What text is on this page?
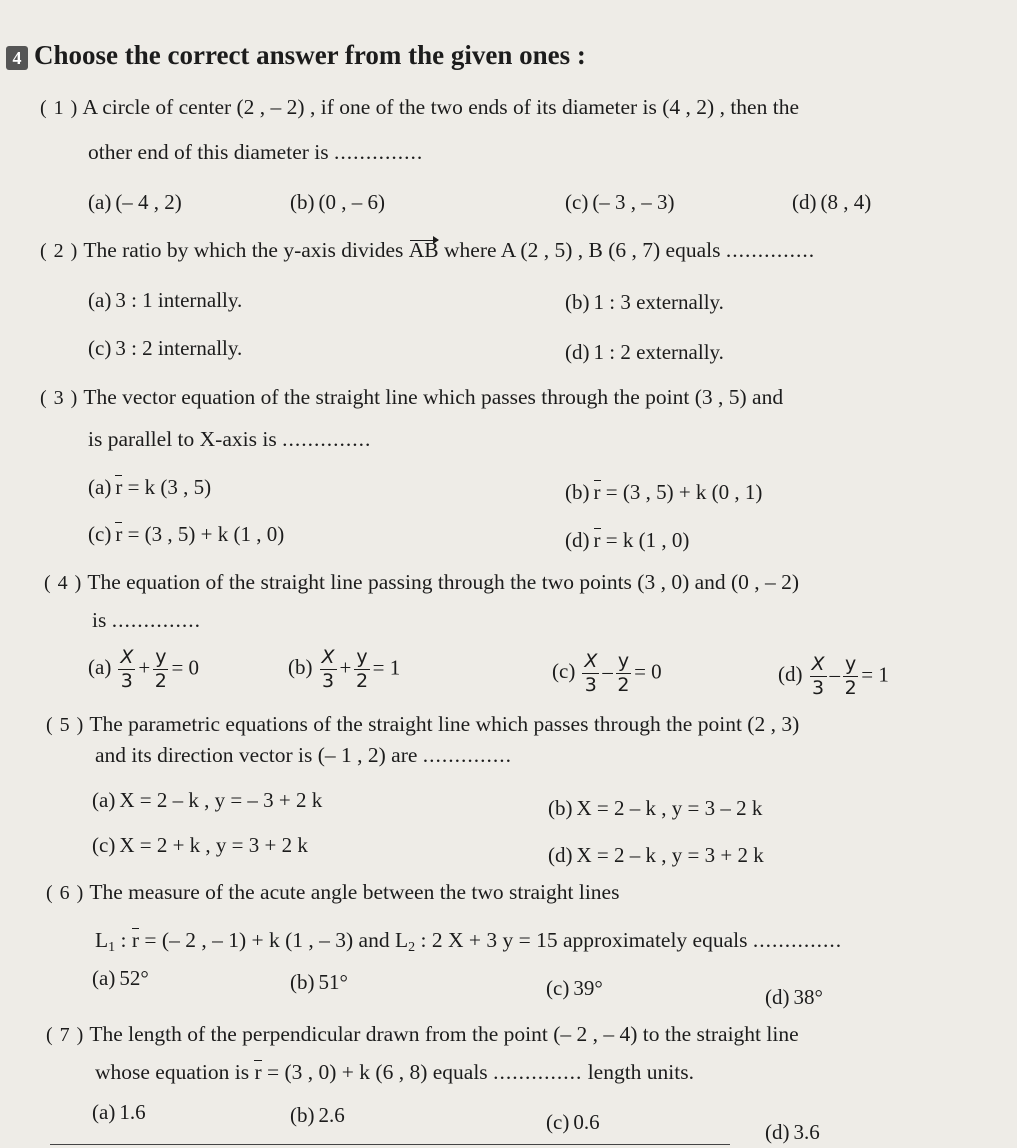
4 Choose the correct answer from the given ones :
( 1 ) A circle of center (2 , – 2) , if one of the two ends of its diameter is (4 , 2) , then the
other end of this diameter is ..............
(a) (– 4 , 2)	(b) (0 , – 6)	(c) (– 3 , – 3)	(d) (8 , 4)
( 2 ) The ratio by which the y-axis divides AB where A (2 , 5) , B (6 , 7) equals ..............
(a) 3 : 1 internally.	(b) 1 : 3 externally.
(c) 3 : 2 internally.	(d) 1 : 2 externally.
( 3 ) The vector equation of the straight line which passes through the point (3 , 5) and
is parallel to X-axis is ..............
(a) r = k (3 , 5)	(b) r = (3 , 5) + k (0 , 1)
(c) r = (3 , 5) + k (1 , 0)	(d) r = k (1 , 0)
( 4 ) The equation of the straight line passing through the two points (3 , 0) and (0 , – 2)
is ..............
$(a) \frac{X}{3} + \frac{y}{2} = 0$	$(b) \frac{X}{3} + \frac{y}{2} = 1$	$(c) \frac{X}{3} - \frac{y}{2} = 0$	$(d) \frac{X}{3} - \frac{y}{2} = 1$
( 5 ) The parametric equations of the straight line which passes through the point (2 , 3)
and its direction vector is (– 1 , 2) are ..............
(a) X = 2 – k , y = – 3 + 2 k	(b) X = 2 – k , y = 3 – 2 k
(c) X = 2 + k , y = 3 + 2 k	(d) X = 2 – k , y = 3 + 2 k
( 6 ) The measure of the acute angle between the two straight lines
$L_1$ : r = (– 2 , – 1) + k (1 , – 3) and $L_2$ : 2 X + 3 y = 15 approximately equals ..............
(a) 52°	(b) 51°	(c) 39°	(d) 38°
( 7 ) The length of the perpendicular drawn from the point (– 2 , – 4) to the straight line
whose equation is r = (3 , 0) + k (6 , 8) equals .............. length units.
(a) 1.6	(b) 2.6	(c) 0.6	(d) 3.6
